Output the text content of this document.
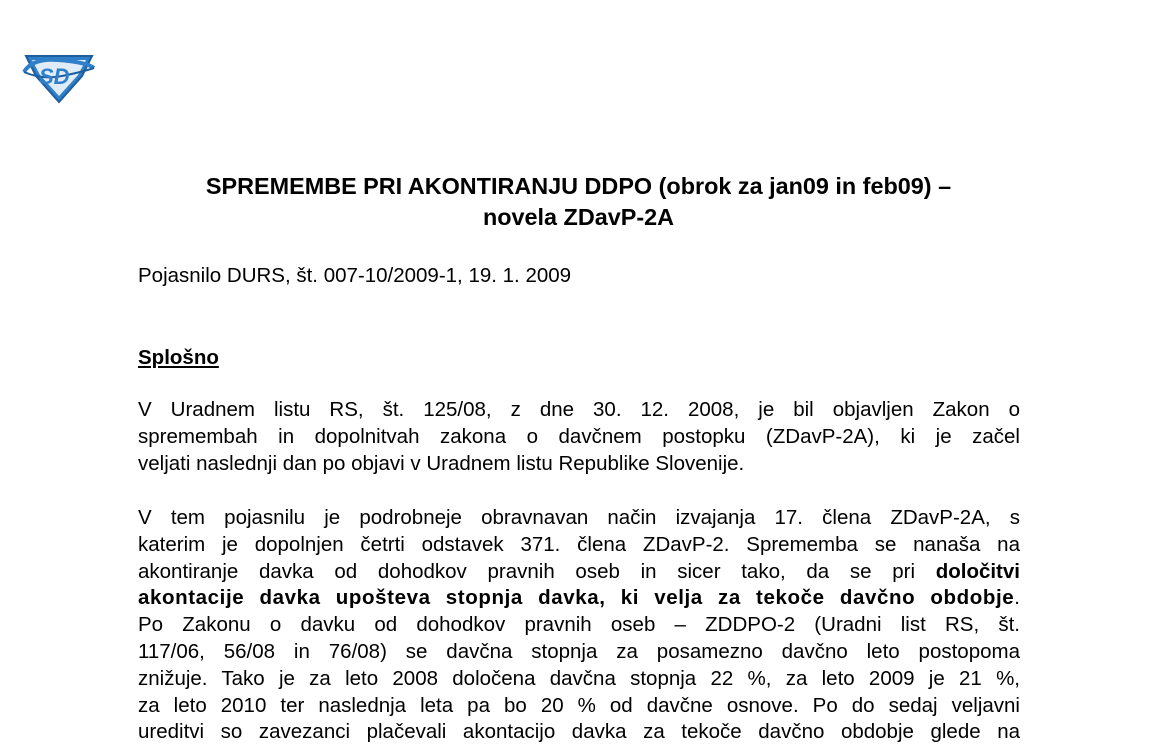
SD
SPREMEMBE PRI AKONTIRANJU DDPO (obrok za jan09 in feb09) –
novela ZDavP-2A
Pojasnilo DURS, št. 007-10/2009-1, 19. 1. 2009
Splošno
V Uradnem listu RS, št. 125/08, z dne 30. 12. 2008, je bil objavljen Zakon o
spremembah in dopolnitvah zakona o davčnem postopku (ZDavP-2A), ki je začel
veljati naslednji dan po objavi v Uradnem listu Republike Slovenije.
V tem pojasnilu je podrobneje obravnavan način izvajanja 17. člena ZDavP-2A, s
katerim je dopolnjen četrti odstavek 371. člena ZDavP-2. Sprememba se nanaša na
akontiranje davka od dohodkov pravnih oseb in sicer tako, da se pri določitvi
akontacije davka upošteva stopnja davka, ki velja za tekoče davčno obdobje.
Po Zakonu o davku od dohodkov pravnih oseb – ZDDPO-2 (Uradni list RS, št.
117/06, 56/08 in 76/08) se davčna stopnja za posamezno davčno leto postopoma
znižuje. Tako je za leto 2008 določena davčna stopnja 22 %, za leto 2009 je 21 %,
za leto 2010 ter naslednja leta pa bo 20 % od davčne osnove. Po do sedaj veljavni
ureditvi so zavezanci plačevali akontacijo davka za tekoče davčno obdobje glede na
